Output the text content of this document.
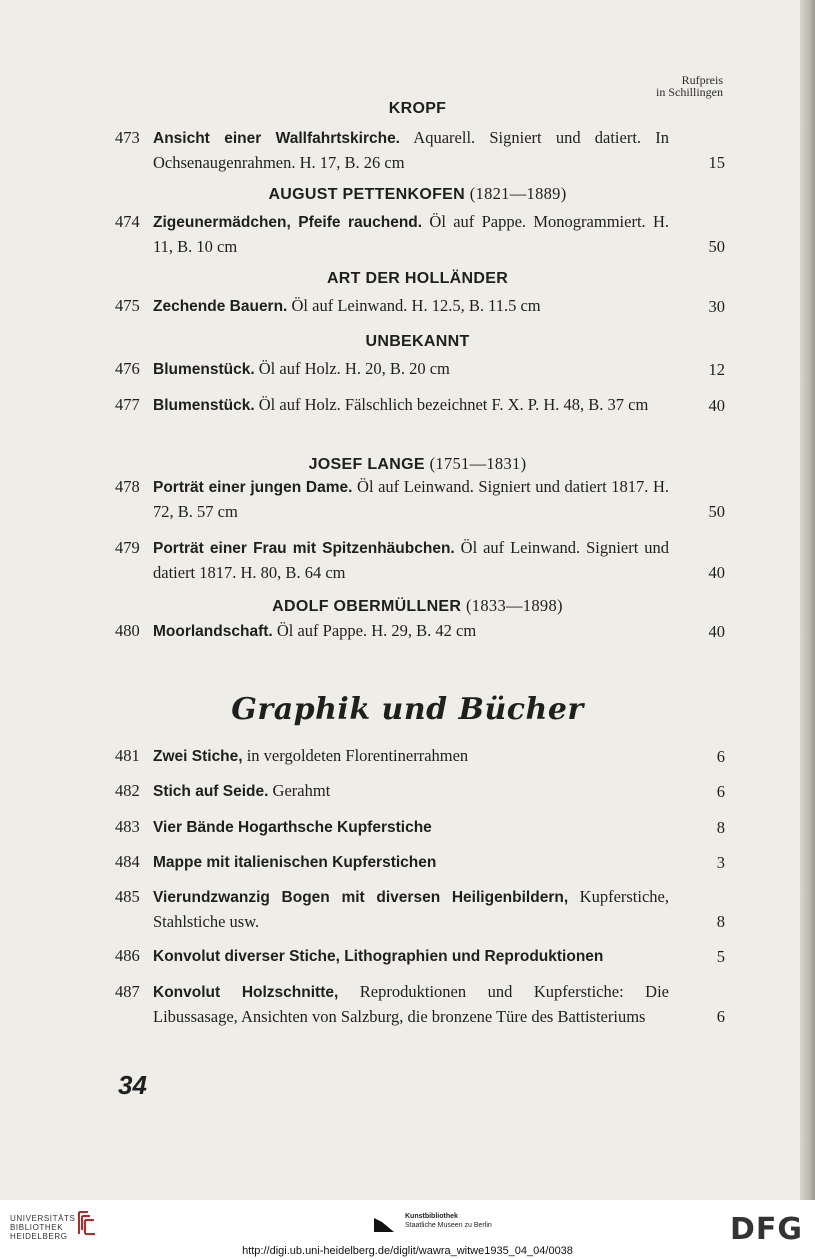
Rufpreis
in Schillingen
KROPF
473 Ansicht einer Wallfahrtskirche. Aquarell. Signiert und datiert. In Ochsenaugenrahmen. H. 17, B. 26 cm	15
AUGUST PETTENKOFEN (1821—1889)
474 Zigeunermädchen, Pfeife rauchend. Öl auf Pappe. Monogrammiert. H. 11, B. 10 cm	50
ART DER HOLLÄNDER
475 Zechende Bauern. Öl auf Leinwand. H. 12.5, B. 11.5 cm	30
UNBEKANNT
476 Blumenstück. Öl auf Holz. H. 20, B. 20 cm	12
477 Blumenstück. Öl auf Holz. Fälschlich bezeichnet F. X. P. H. 48, B. 37 cm	40
JOSEF LANGE (1751—1831)
478 Porträt einer jungen Dame. Öl auf Leinwand. Signiert und datiert 1817. H. 72, B. 57 cm	50
479 Porträt einer Frau mit Spitzenhäubchen. Öl auf Leinwand. Signiert und datiert 1817. H. 80, B. 64 cm	40
ADOLF OBERMÜLLNER (1833—1898)
480 Moorlandschaft. Öl auf Pappe. H. 29, B. 42 cm	40
Graphik und Bücher
481 Zwei Stiche, in vergoldeten Florentinerrahmen	6
482 Stich auf Seide. Gerahmt	6
483 Vier Bände Hogarthsche Kupferstiche	8
484 Mappe mit italienischen Kupferstichen	3
485 Vierundzwanzig Bogen mit diversen Heiligenbildern, Kupferstiche, Stahlstiche usw.	8
486 Konvolut diverser Stiche, Lithographien und Reproduktionen	5
487 Konvolut Holzschnitte, Reproduktionen und Kupferstiche: Die Libussasage, Ansichten von Salzburg, die bronzene Türe des Battisteriums	6
34
UNIVERSITÄTS
BIBLIOTHEK
HEIDELBERG
Kunstbibliothek
Staatliche Museen zu Berlin	DFG
http://digi.ub.uni-heidelberg.de/diglit/wawra_witwe1935_04_04/0038
